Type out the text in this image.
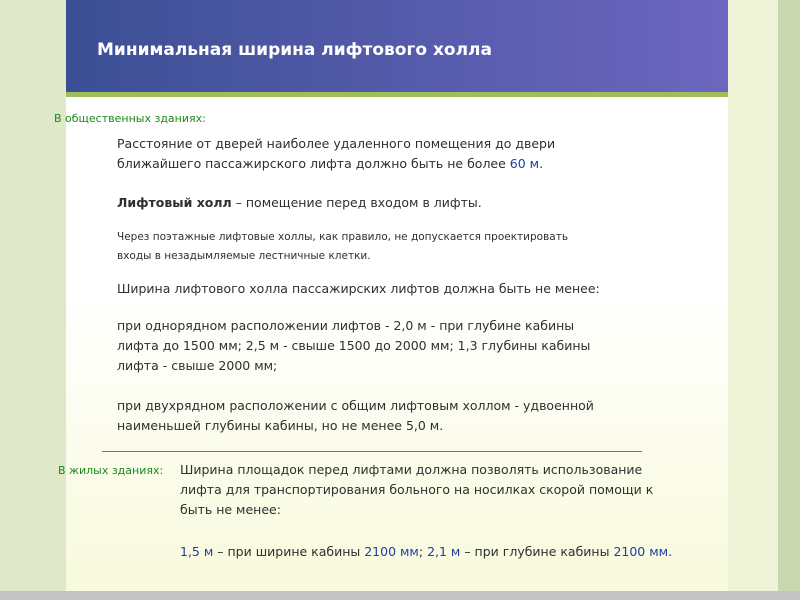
Минимальная ширина лифтового холла

В общественных зданиях:

Расстояние от дверей наиболее удаленного помещения до двери
ближайшего пассажирского лифта должно быть не более 60 м.

Лифтовый холл – помещение перед входом в лифты.

Через поэтажные лифтовые холлы, как правило, не допускается проектировать
входы в незадымляемые лестничные клетки.

Ширина лифтового холла пассажирских лифтов должна быть не менее:

при однорядном расположении лифтов - 2,0 м - при глубине кабины
лифта до 1500 мм; 2,5 м - свыше 1500 до 2000 мм; 1,3 глубины кабины
лифта - свыше 2000 мм;

при двухрядном расположении с общим лифтовым холлом - удвоенной
наименьшей глубины кабины, но не менее 5,0 м.

В жилых зданиях: Ширина площадок перед лифтами должна позволять использование
лифта для транспортирования больного на носилках скорой помощи к
быть не менее:

1,5 м – при ширине кабины 2100 мм; 2,1 м – при глубине кабины 2100 мм.
